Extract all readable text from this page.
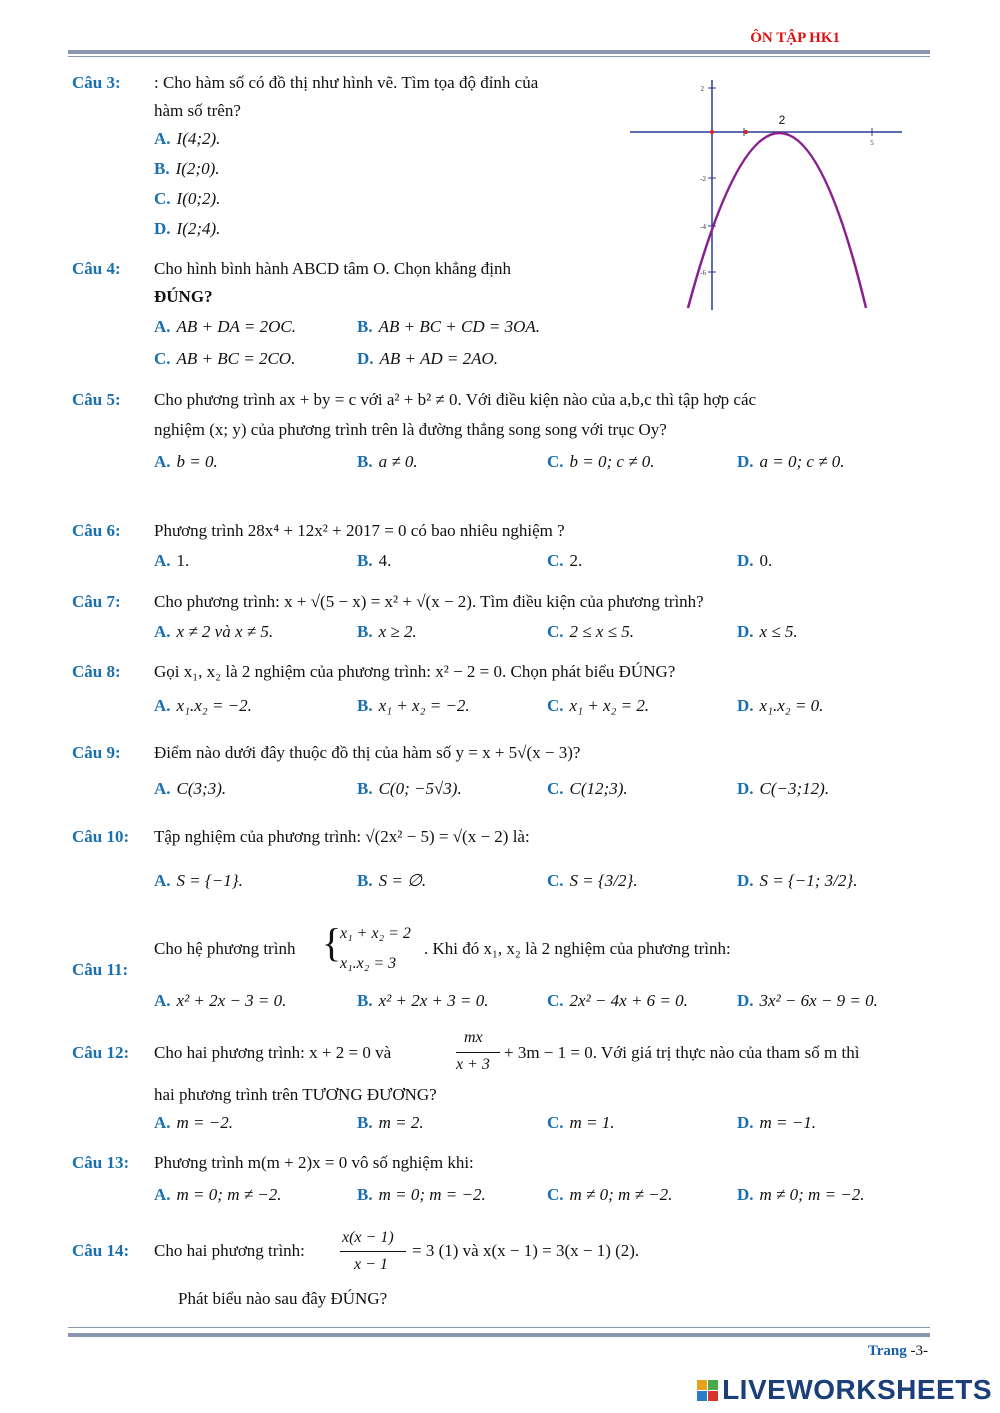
ÔN TẬP HK1
Câu 3: : Cho hàm số có đồ thị như hình vẽ. Tìm tọa độ đỉnh của
hàm số trên?
A. I(4;2).
B. I(2;0).
C. I(0;2).
D. I(2;4).
2
-2
-4
-6
5
2
Câu 4: Cho hình bình hành ABCD tâm O. Chọn khẳng định
ĐÚNG?
A. AB + DA = 2OC.	B. AB + BC + CD = 3OA.
C. AB + BC = 2CO.	D. AB + AD = 2AO.
Câu 5: Cho phương trình ax + by = c với a² + b² ≠ 0. Với điều kiện nào của a,b,c thì tập hợp các
nghiệm (x; y) của phương trình trên là đường thẳng song song với trục Oy?
A. b = 0.	B. a ≠ 0.	C. b = 0; c ≠ 0.	D. a = 0; c ≠ 0.
Câu 6: Phương trình 28x⁴ + 12x² + 2017 = 0 có bao nhiêu nghiệm ?
A. 1.	B. 4.	C. 2.	D. 0.
Câu 7: Cho phương trình: x + √(5 − x) = x² + √(x − 2). Tìm điều kiện của phương trình?
A. x ≠ 2 và x ≠ 5.	B. x ≥ 2.	C. 2 ≤ x ≤ 5.	D. x ≤ 5.
Câu 8: Gọi x₁, x₂ là 2 nghiệm của phương trình: x² − 2 = 0. Chọn phát biểu ĐÚNG?
A. x₁.x₂ = −2.	B. x₁ + x₂ = −2.	C. x₁ + x₂ = 2.	D. x₁.x₂ = 0.
Câu 9: Điểm nào dưới đây thuộc đồ thị của hàm số y = x + 5√(x − 3)?
A. C(3;3).	B. C(0; −5√3).	C. C(12;3).	D. C(−3;12).
Câu 10: Tập nghiệm của phương trình: √(2x² − 5) = √(x − 2) là:
A. S = {−1}.	B. S = ∅.	C. S = {3/2}.	D. S = {−1; 3/2}.
Câu 11:
Cho hệ phương trình {
x₁ + x₂ = 2
x₁.x₂ = 3
. Khi đó x₁, x₂ là 2 nghiệm của phương trình:
A. x² + 2x − 3 = 0.	B. x² + 2x + 3 = 0.	C. 2x² − 4x + 6 = 0.	D. 3x² − 6x − 9 = 0.
Câu 12: Cho hai phương trình: x + 2 = 0 và
mx
x + 3
+ 3m − 1 = 0. Với giá trị thực nào của tham số m thì
hai phương trình trên TƯƠNG ĐƯƠNG?
A. m = −2.	B. m = 2.	C. m = 1.	D. m = −1.
Câu 13: Phương trình m(m + 2)x = 0 vô số nghiệm khi:
A. m = 0; m ≠ −2.	B. m = 0; m = −2.	C. m ≠ 0; m ≠ −2.	D. m ≠ 0; m = −2.
Câu 14: Cho hai phương trình:
x(x − 1)
x − 1
= 3 (1) và x(x − 1) = 3(x − 1) (2).
Phát biểu nào sau đây ĐÚNG?
Trang -3-
LIVEWORKSHEETS
